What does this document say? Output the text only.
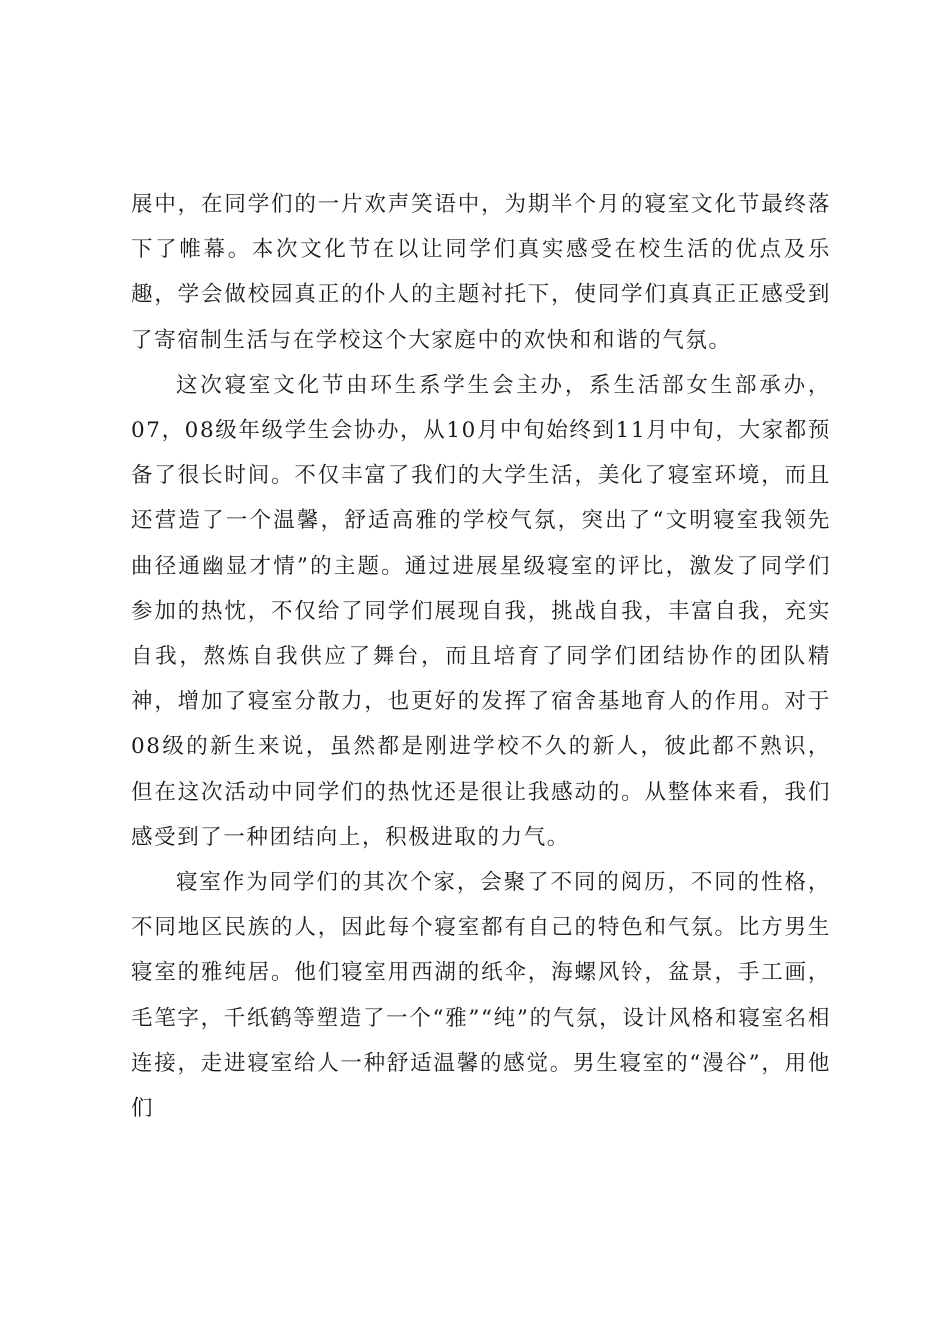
展中，在同学们的一片欢声笑语中，为期半个月的寝室文化节最终落下了帷幕。本次文化节在以让同学们真实感受在校生活的优点及乐趣，学会做校园真正的仆人的主题衬托下，使同学们真真正正感受到了寄宿制生活与在学校这个大家庭中的欢快和和谐的气氛。

这次寝室文化节由环生系学生会主办，系生活部女生部承办，07，08级年级学生会协办，从10月中旬始终到11月中旬，大家都预备了很长时间。不仅丰富了我们的大学生活，美化了寝室环境，而且还营造了一个温馨，舒适高雅的学校气氛，突出了“文明寝室我领先曲径通幽显才情”的主题。通过进展星级寝室的评比，激发了同学们参加的热忱，不仅给了同学们展现自我，挑战自我，丰富自我，充实自我，熬炼自我供应了舞台，而且培育了同学们团结协作的团队精神，增加了寝室分散力，也更好的发挥了宿舍基地育人的作用。对于08级的新生来说，虽然都是刚进学校不久的新人，彼此都不熟识，但在这次活动中同学们的热忱还是很让我感动的。从整体来看，我们感受到了一种团结向上，积极进取的力气。

寝室作为同学们的其次个家，会聚了不同的阅历，不同的性格，不同地区民族的人，因此每个寝室都有自己的特色和气氛。比方男生寝室的雅纯居。他们寝室用西湖的纸伞，海螺风铃，盆景，手工画，毛笔字，千纸鹤等塑造了一个“雅”“纯”的气氛，设计风格和寝室名相连接，走进寝室给人一种舒适温馨的感觉。男生寝室的“漫谷”，用他们
